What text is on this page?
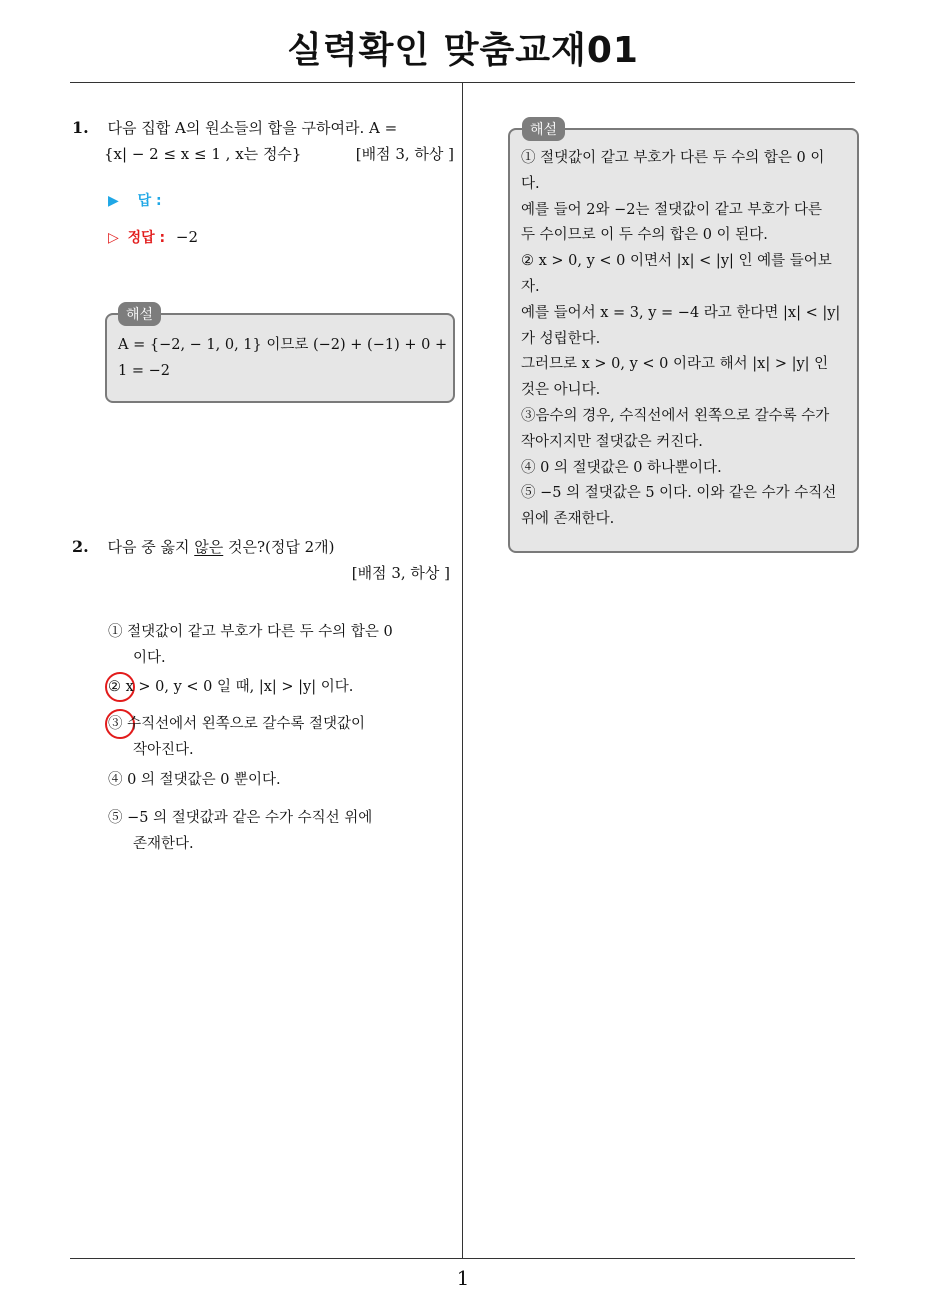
실력확인 맞춤교재01
1. 다음 집합 A의 원소들의 합을 구하여라. A =
{x| − 2 ≤ x ≤ 1 , x는 정수}	[배점 3, 하상 ]
▶ 답 :
▷ 정답 : −2
해설
A = {−2, − 1, 0, 1} 이므로 (−2) + (−1) + 0 +
1 = −2
2. 다음 중 옳지 않은 것은?(정답 2개)
[배점 3, 하상 ]
① 절댓값이 같고 부호가 다른 두 수의 합은 0
이다.
② x > 0, y < 0 일 때, |x| > |y| 이다.
③ 수직선에서 왼쪽으로 갈수록 절댓값이
작아진다.
④ 0 의 절댓값은 0 뿐이다.
⑤ −5 의 절댓값과 같은 수가 수직선 위에
존재한다.
해설
① 절댓값이 같고 부호가 다른 두 수의 합은 0 이
다.
예를 들어 2와 −2는 절댓값이 같고 부호가 다른
두 수이므로 이 두 수의 합은 0 이 된다.
② x > 0, y < 0 이면서 |x| < |y| 인 예를 들어보
자.
예를 들어서 x = 3, y = −4 라고 한다면 |x| < |y|
가 성립한다.
그러므로 x > 0, y < 0 이라고 해서 |x| > |y| 인
것은 아니다.
③음수의 경우, 수직선에서 왼쪽으로 갈수록 수가
작아지지만 절댓값은 커진다.
④ 0 의 절댓값은 0 하나뿐이다.
⑤ −5 의 절댓값은 5 이다. 이와 같은 수가 수직선
위에 존재한다.
1
